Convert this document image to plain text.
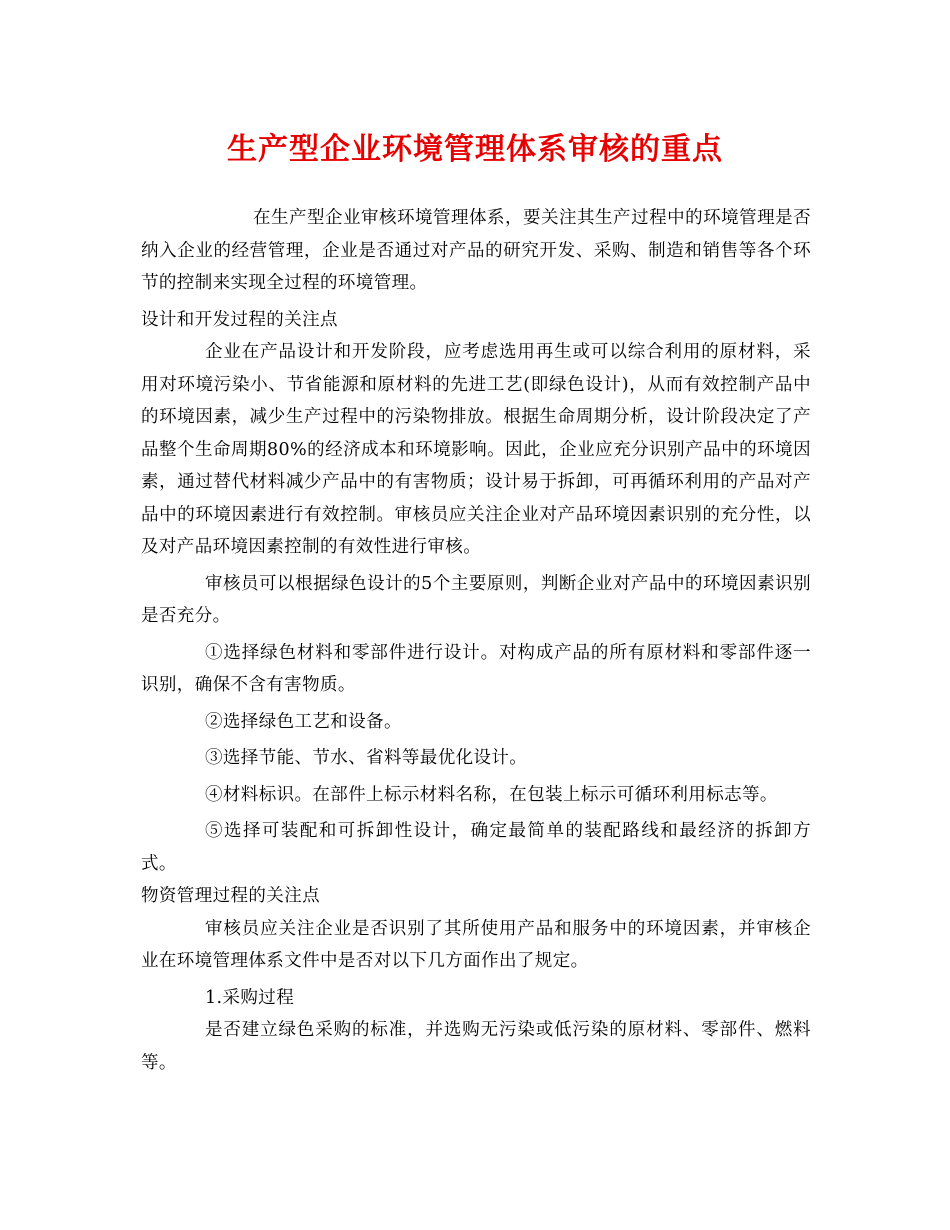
生产型企业环境管理体系审核的重点

在生产型企业审核环境管理体系，要关注其生产过程中的环境管理是否纳入企业的经营管理，企业是否通过对产品的研究开发、采购、制造和销售等各个环节的控制来实现全过程的环境管理。

设计和开发过程的关注点

企业在产品设计和开发阶段，应考虑选用再生或可以综合利用的原材料，采用对环境污染小、节省能源和原材料的先进工艺(即绿色设计)，从而有效控制产品中的环境因素，减少生产过程中的污染物排放。根据生命周期分析，设计阶段决定了产品整个生命周期80%的经济成本和环境影响。因此，企业应充分识别产品中的环境因素，通过替代材料减少产品中的有害物质；设计易于拆卸，可再循环利用的产品对产品中的环境因素进行有效控制。审核员应关注企业对产品环境因素识别的充分性，以及对产品环境因素控制的有效性进行审核。

审核员可以根据绿色设计的5个主要原则，判断企业对产品中的环境因素识别是否充分。

①选择绿色材料和零部件进行设计。对构成产品的所有原材料和零部件逐一识别，确保不含有害物质。

②选择绿色工艺和设备。

③选择节能、节水、省料等最优化设计。

④材料标识。在部件上标示材料名称，在包装上标示可循环利用标志等。

⑤选择可装配和可拆卸性设计，确定最简单的装配路线和最经济的拆卸方式。

物资管理过程的关注点

审核员应关注企业是否识别了其所使用产品和服务中的环境因素，并审核企业在环境管理体系文件中是否对以下几方面作出了规定。

1.采购过程

是否建立绿色采购的标准，并选购无污染或低污染的原材料、零部件、燃料等。
